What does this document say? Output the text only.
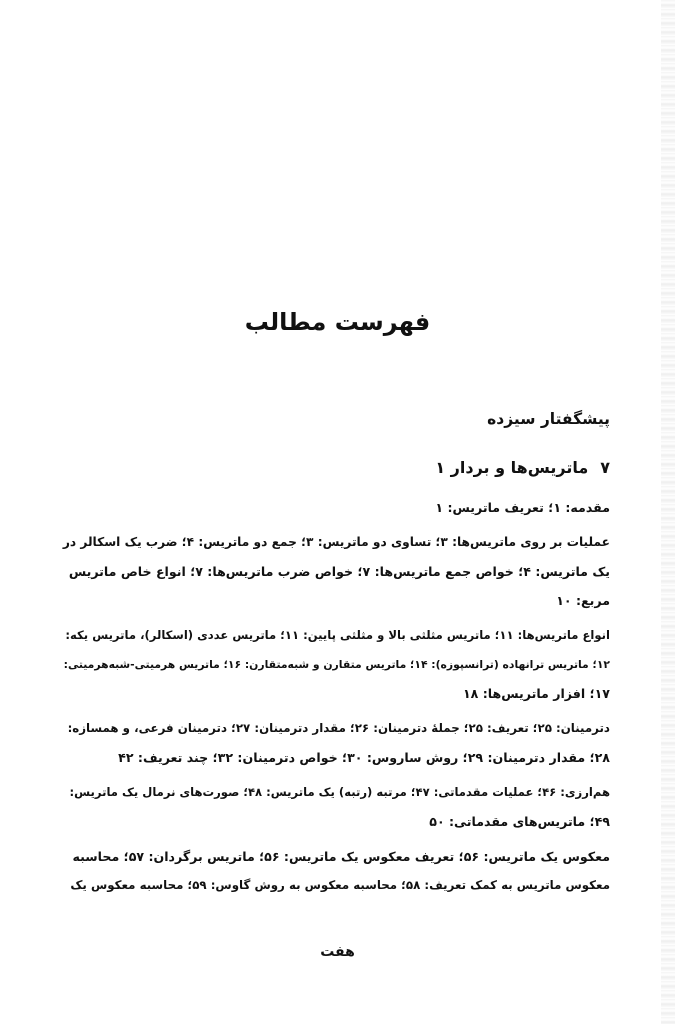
فهرست مطالب
پیشگفتار سیزده
۷ماتریس‌ها و بردار ۱
مقدمه: ۱؛ تعریف ماتریس: ۱
عملیات بر روی ماتریس‌ها: ۳؛ تساوی دو ماتریس: ۳؛ جمع دو ماتریس: ۴؛ ضرب یک اسکالر در
یک ماتریس: ۴؛ خواص جمع ماتریس‌ها: ۷؛ خواص ضرب ماتریس‌ها: ۷؛ انواع خاص ماتریس
مربع: ۱۰
انواع ماتریس‌ها: ۱۱؛ ماتریس مثلثی بالا و مثلثی پایین: ۱۱؛ ماتریس عددی (اسکالر)، ماتریس یکه:
۱۲؛ ماتریس ترانهاده (ترانسپوزه): ۱۴؛ ماتریس متقارن و شبه‌متقارن: ۱۶؛ ماتریس هرمیتی-شبه‌هرمیتی:
۱۷؛ افزار ماتریس‌ها: ۱۸
دترمینان: ۲۵؛ تعریف: ۲۵؛ جملهٔ دترمینان: ۲۶؛ مقدار دترمینان: ۲۷؛ دترمینان فرعی، و همسازه:
۲۸؛ مقدار دترمینان: ۲۹؛ روش ساروس: ۳۰؛ خواص دترمینان: ۳۲؛ چند تعریف: ۴۲
هم‌ارزی: ۴۶؛ عملیات مقدماتی: ۴۷؛ مرتبه (رتبه) یک ماتریس: ۴۸؛ صورت‌های نرمال یک ماتریس:
۴۹؛ ماتریس‌های مقدماتی: ۵۰
معکوس یک ماتریس: ۵۶؛ تعریف معکوس یک ماتریس: ۵۶؛ ماتریس برگردان: ۵۷؛ محاسبه
معکوس ماتریس به کمک تعریف: ۵۸؛ محاسبه معکوس به روش گاوس: ۵۹؛ محاسبه معکوس یک
هفت
